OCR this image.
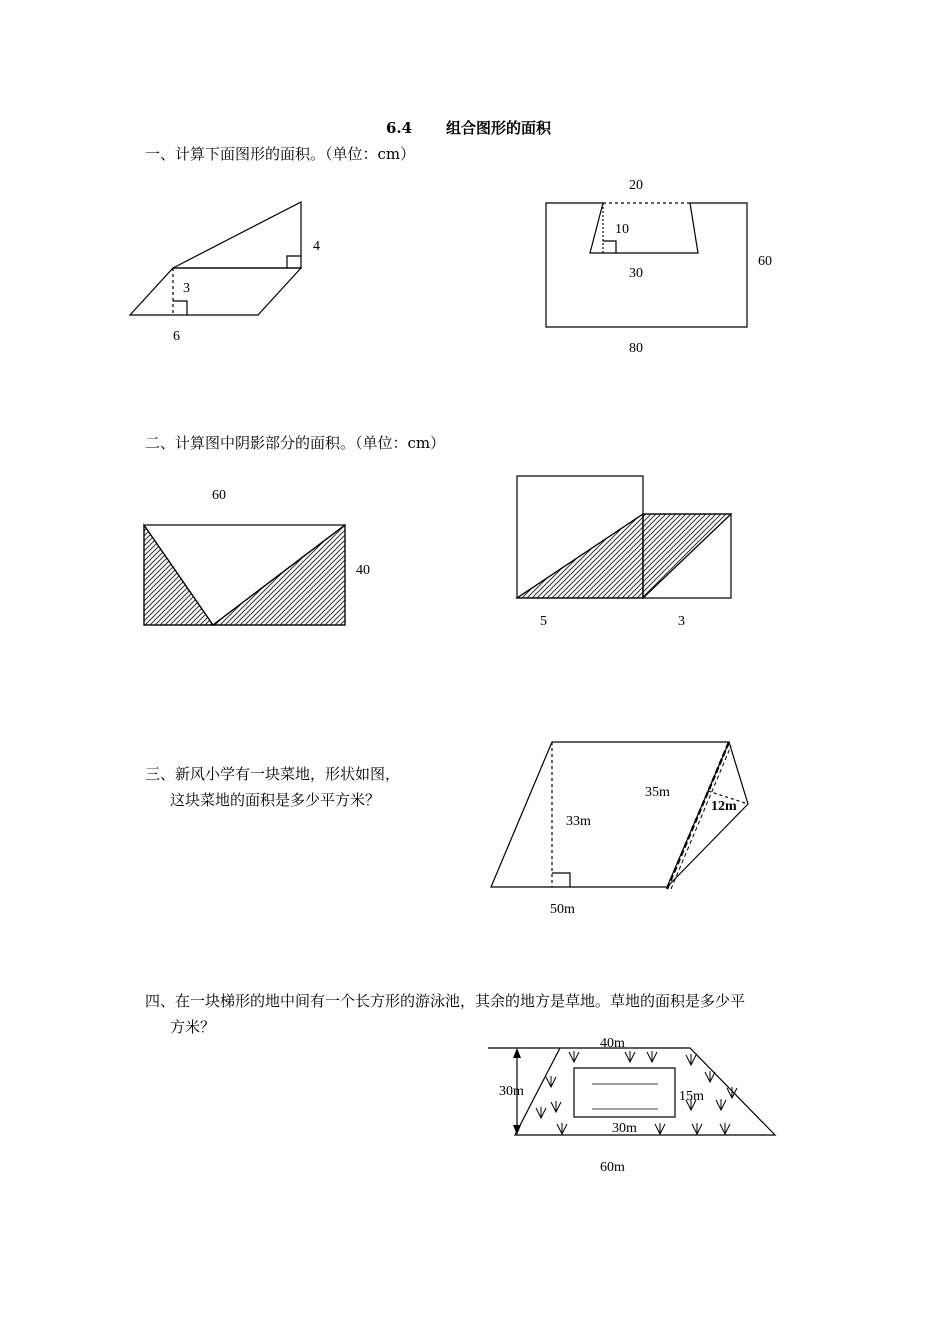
6.4 组合图形的面积
一、计算下面图形的面积。（单位：cm）
二、计算图中阴影部分的面积。（单位：cm）
三、新风小学有一块菜地，形状如图，
这块菜地的面积是多少平方米？
四、在一块梯形的地中间有一个长方形的游泳池，其余的地方是草地。草地的面积是多少平
方米？
4
3
6
20
10
30
60
80
60
40
5	3
35m
12m
33m
50m
40m
30m	15m
30m
60m
